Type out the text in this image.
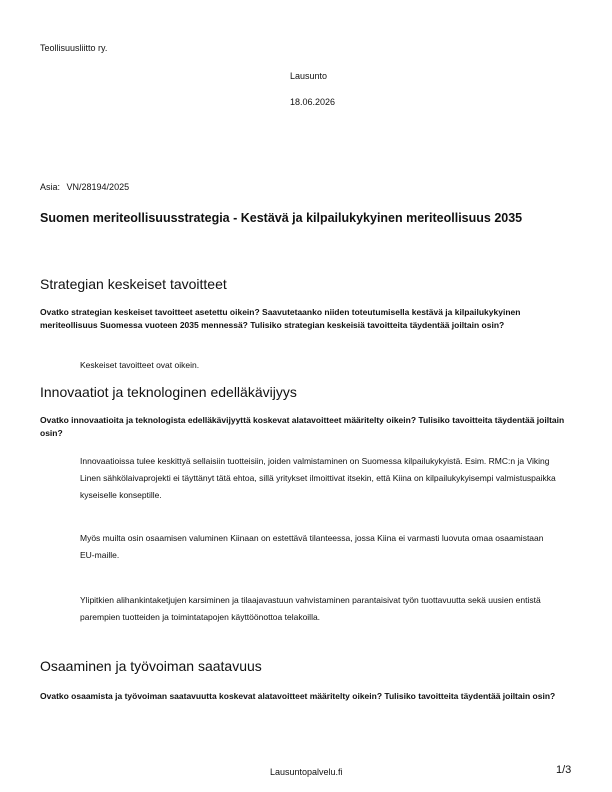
Teollisuusliitto ry.
Lausunto
18.06.2026
Asia: VN/28194/2025
Suomen meriteollisuusstrategia - Kestävä ja kilpailukykyinen meriteollisuus 2035
Strategian keskeiset tavoitteet
Ovatko strategian keskeiset tavoitteet asetettu oikein? Saavutetaanko niiden toteutumisella kestävä ja kilpailukykyinen meriteollisuus Suomessa vuoteen 2035 mennessä? Tulisiko strategian keskeisiä tavoitteita täydentää joiltain osin?
Keskeiset tavoitteet ovat oikein.
Innovaatiot ja teknologinen edelläkävijyys
Ovatko innovaatioita ja teknologista edelläkävijyyttä koskevat alatavoitteet määritelty oikein? Tulisiko tavoitteita täydentää joiltain osin?
Innovaatioissa tulee keskittyä sellaisiin tuotteisiin, joiden valmistaminen on Suomessa kilpailukykyistä. Esim. RMC:n ja Viking Linen sähkölaivaprojekti ei täyttänyt tätä ehtoa, sillä yritykset ilmoittivat itsekin, että Kiina on kilpailukykyisempi valmistuspaikka kyseiselle konseptille.
Myös muilta osin osaamisen valuminen Kiinaan on estettävä tilanteessa, jossa Kiina ei varmasti luovuta omaa osaamistaan EU-maille.
Ylipitkien alihankintaketjujen karsiminen ja tilaajavastuun vahvistaminen parantaisivat työn tuottavuutta sekä uusien entistä parempien tuotteiden ja toimintatapojen käyttöönottoa telakoilla.
Osaaminen ja työvoiman saatavuus
Ovatko osaamista ja työvoiman saatavuutta koskevat alatavoitteet määritelty oikein? Tulisiko tavoitteita täydentää joiltain osin?
Lausuntopalvelu.fi	1/3
